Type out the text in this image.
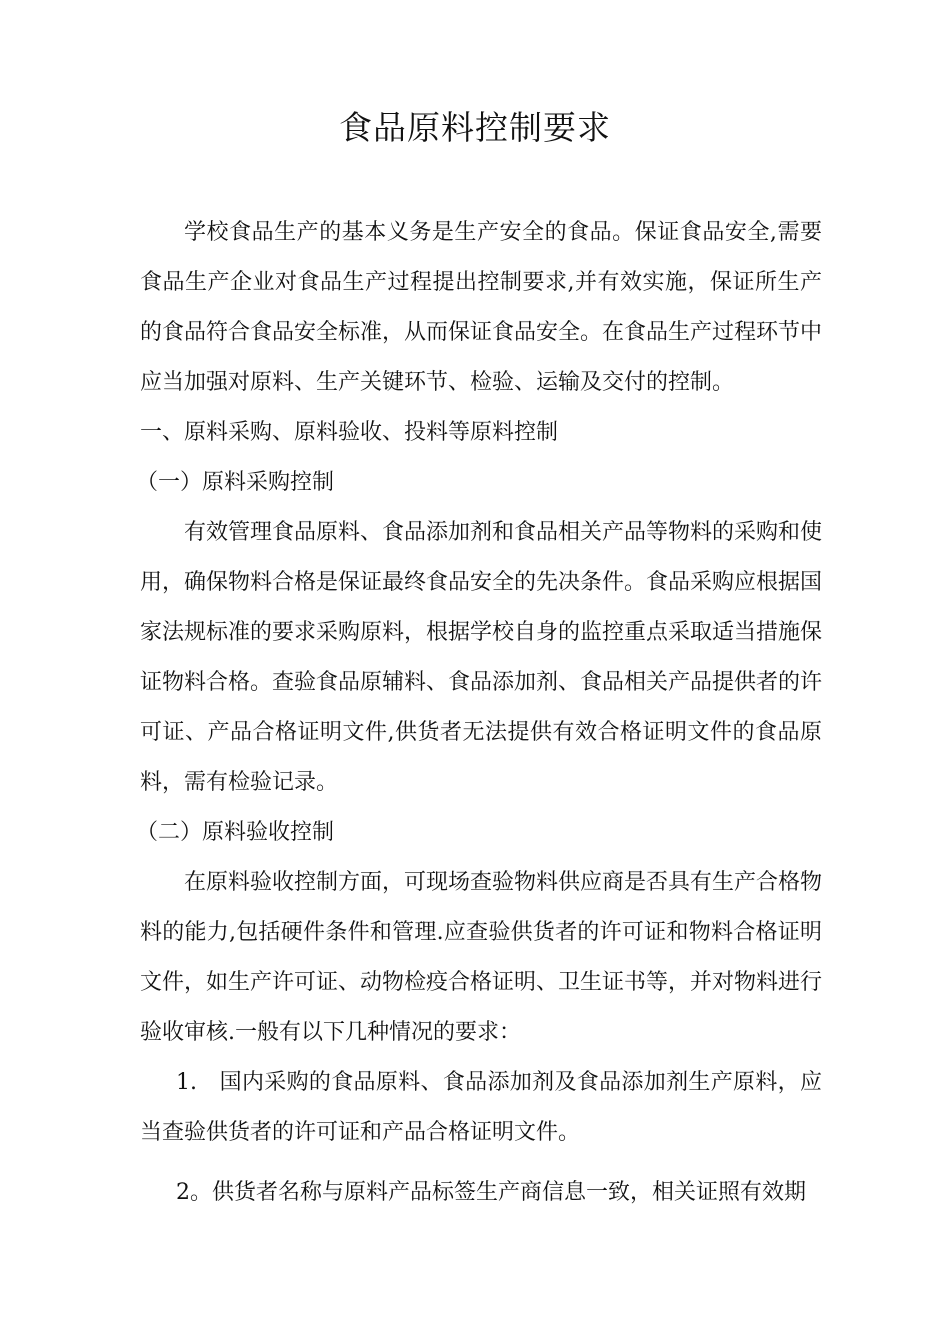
食品原料控制要求

学校食品生产的基本义务是生产安全的食品。保证食品安全,需要食品生产企业对食品生产过程提出控制要求,并有效实施，保证所生产的食品符合食品安全标准，从而保证食品安全。在食品生产过程环节中应当加强对原料、生产关键环节、检验、运输及交付的控制。

一、原料采购、原料验收、投料等原料控制

（一）原料采购控制

有效管理食品原料、食品添加剂和食品相关产品等物料的采购和使用，确保物料合格是保证最终食品安全的先决条件。食品采购应根据国家法规标准的要求采购原料，根据学校自身的监控重点采取适当措施保证物料合格。查验食品原辅料、食品添加剂、食品相关产品提供者的许可证、产品合格证明文件,供货者无法提供有效合格证明文件的食品原料，需有检验记录。

（二）原料验收控制

在原料验收控制方面，可现场查验物料供应商是否具有生产合格物料的能力,包括硬件条件和管理.应查验供货者的许可证和物料合格证明文件，如生产许可证、动物检疫合格证明、卫生证书等，并对物料进行验收审核.一般有以下几种情况的要求：

1.　国内采购的食品原料、食品添加剂及食品添加剂生产原料，应当查验供货者的许可证和产品合格证明文件。

2。供货者名称与原料产品标签生产商信息一致，相关证照有效期
